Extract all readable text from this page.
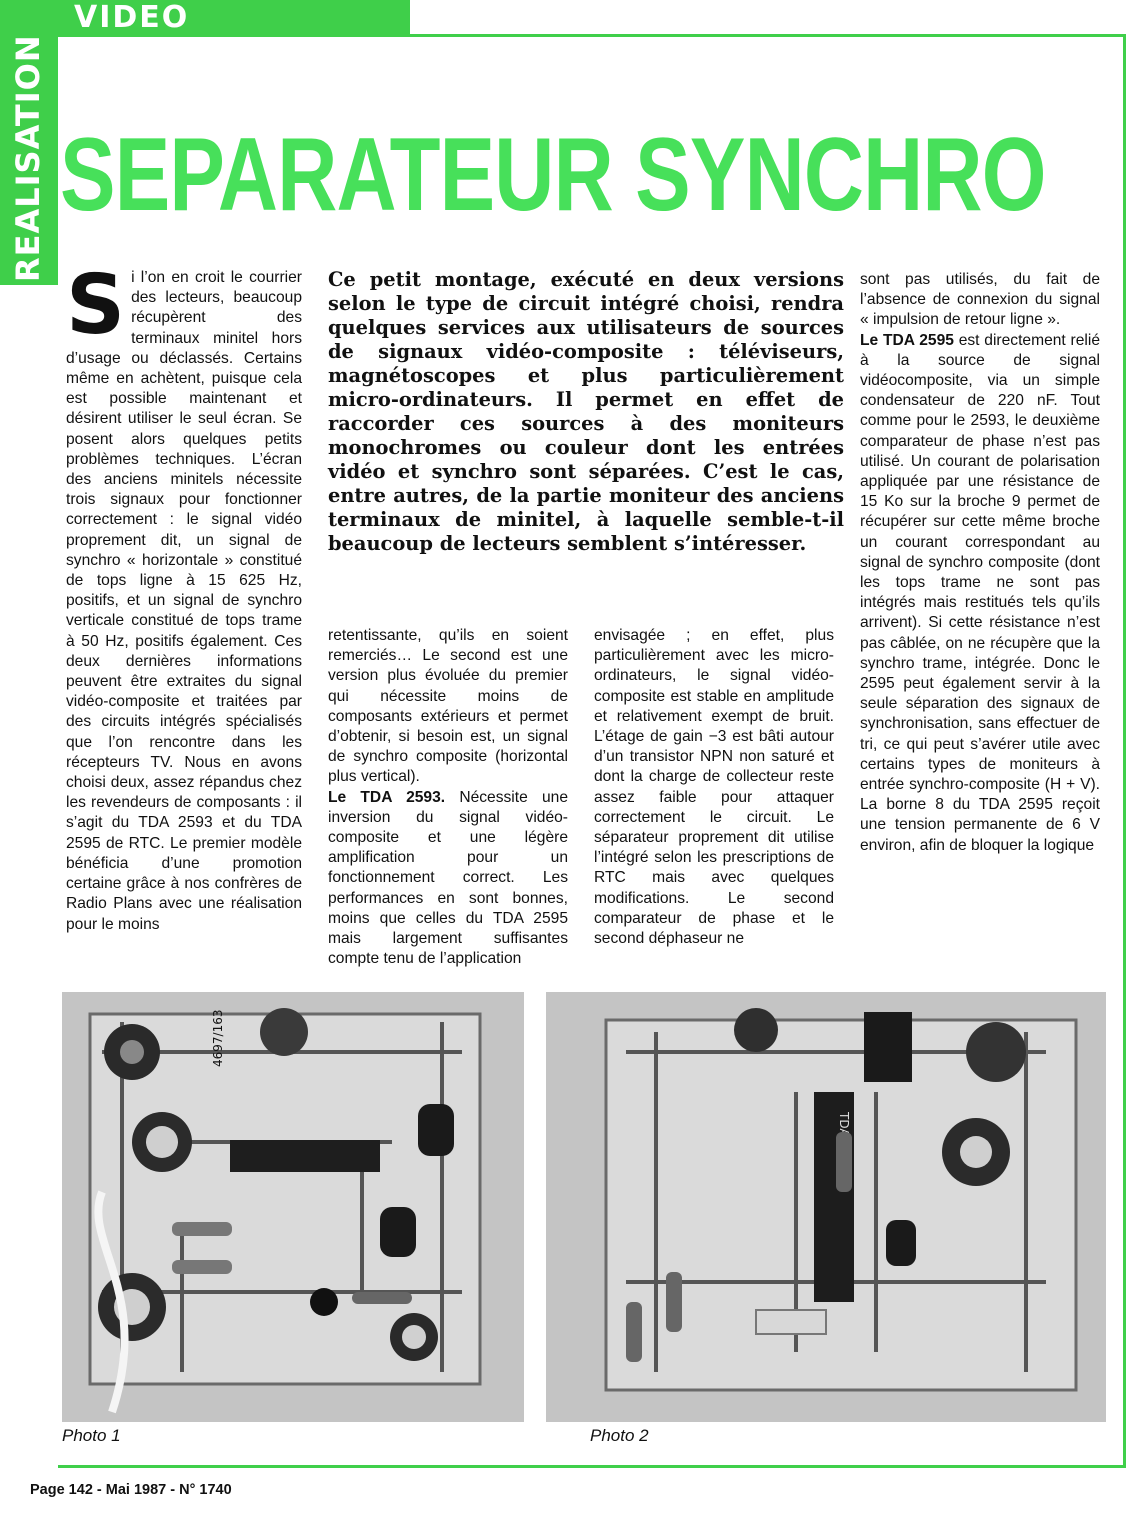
VIDEO
REALISATION SEPARATEUR SYNCHRO
Si l’on en croit le courrier des lecteurs, beaucoup récupèrent des terminaux minitel hors d’usage ou déclassés. Certains même en achètent, puisque cela est possible maintenant et désirent utiliser le seul écran. Se posent alors quelques petits problèmes techniques. L’écran des anciens minitels nécessite trois signaux pour fonctionner correctement : le signal vidéo proprement dit, un signal de synchro « horizontale » constitué de tops ligne à 15 625 Hz, positifs, et un signal de synchro verticale constitué de tops trame à 50 Hz, positifs également. Ces deux dernières informations peuvent être extraites du signal vidéo-composite et traitées par des circuits intégrés spécialisés que l’on rencontre dans les récepteurs TV. Nous en avons choisi deux, assez répandus chez les revendeurs de composants : il s’agit du TDA 2593 et du TDA 2595 de RTC. Le premier modèle bénéficia d’une promotion certaine grâce à nos confrères de Radio Plans avec une réalisation pour le moins
Ce petit montage, exécuté en deux versions selon le type de circuit intégré choisi, rendra quelques services aux utilisateurs de sources de signaux vidéo-composite : téléviseurs, magnétoscopes et plus particulièrement micro-ordinateurs. Il permet en effet de raccorder ces sources à des moniteurs monochromes ou couleur dont les entrées vidéo et synchro sont séparées. C’est le cas, entre autres, de la partie moniteur des anciens terminaux de minitel, à laquelle semble-t-il beaucoup de lecteurs semblent s’intéresser.
retentissante, qu’ils en soient remerciés… Le second est une version plus évoluée du premier qui nécessite moins de composants extérieurs et permet d’obtenir, si besoin est, un signal de synchro composite (horizontal plus vertical).
Le TDA 2593. Nécessite une inversion du signal vidéo-composite et une légère amplification pour un fonctionnement correct. Les performances en sont bonnes, moins que celles du TDA 2595 mais largement suffisantes compte tenu de l’application
envisagée ; en effet, plus particulièrement avec les micro-ordinateurs, le signal vidéo-composite est stable en amplitude et relativement exempt de bruit. L’étage de gain −3 est bâti autour d’un transistor NPN non saturé et dont la charge de collecteur reste assez faible pour attaquer correctement le circuit. Le séparateur proprement dit utilise l’intégré selon les prescriptions de RTC mais avec quelques modifications. Le second comparateur de phase et le second déphaseur ne
sont pas utilisés, du fait de l’absence de connexion du signal « impulsion de retour ligne ».
Le TDA 2595 est directement relié à la source de signal vidéocomposite, via un simple condensateur de 220 nF. Tout comme pour le 2593, le deuxième comparateur de phase n’est pas utilisé. Un courant de polarisation appliquée par une résistance de 15 Ko sur la broche 9 permet de récupérer sur cette même broche un courant correspondant au signal de synchro composite (dont les tops trame ne sont pas intégrés mais restitués tels qu’ils arrivent). Si cette résistance n’est pas câblée, on ne récupère que la synchro trame, intégrée. Donc le 2595 peut également servir à la seule séparation des signaux de synchronisation, sans effectuer de tri, ce qui peut s’avérer utile avec certains types de moniteurs à entrée synchro-composite (H + V). La borne 8 du TDA 2595 reçoit une tension permanente de 6 V environ, afin de bloquer la logique
4697/163
Photo 1	Photo 2
Page 142 - Mai 1987 - N° 1740
